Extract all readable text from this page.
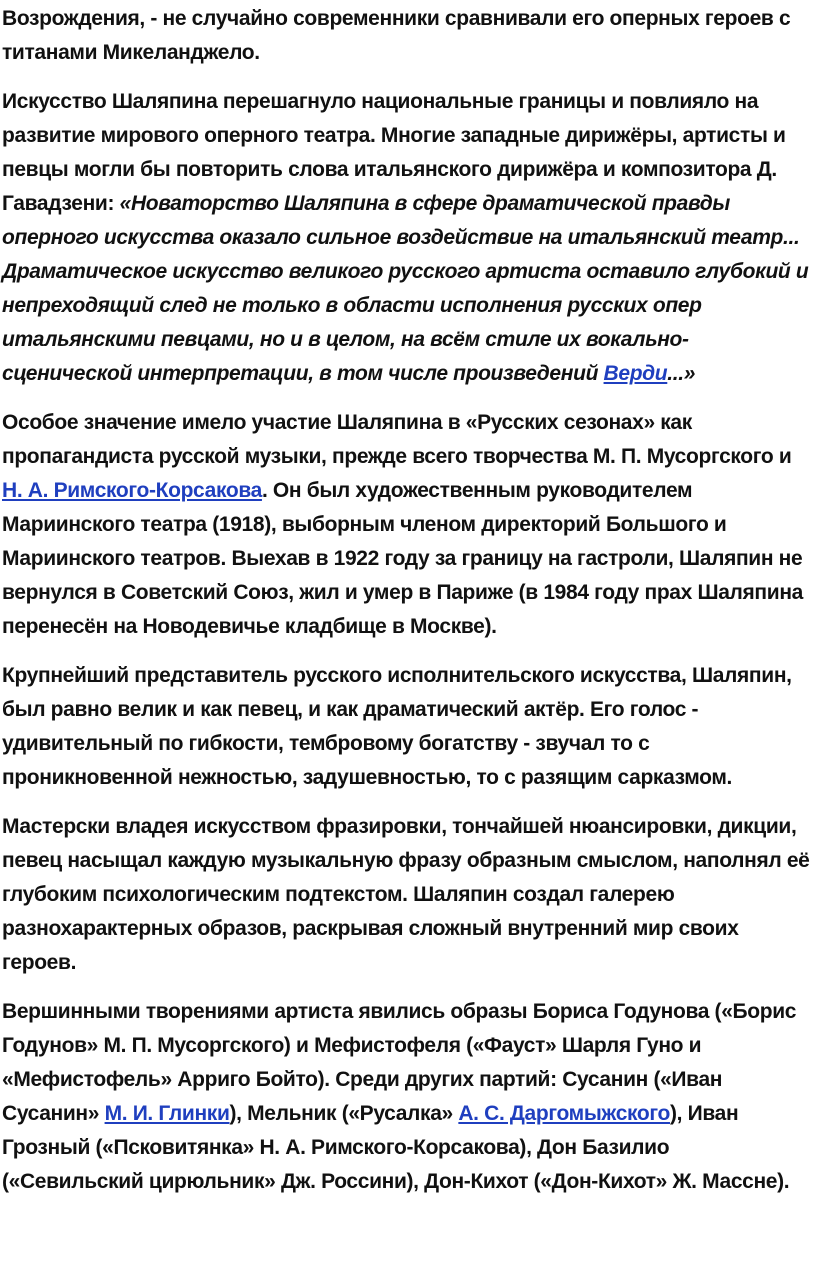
Возрождения, - не случайно современники сравнивали его оперных героев с титанами Микеланджело.

Искусство Шаляпина перешагнуло национальные границы и повлияло на развитие мирового оперного театра. Многие западные дирижёры, артисты и певцы могли бы повторить слова итальянского дирижёра и композитора Д. Гавадзени: «Новаторство Шаляпина в сфере драматической правды оперного искусства оказало сильное воздействие на итальянский театр... Драматическое искусство великого русского артиста оставило глубокий и непреходящий след не только в области исполнения русских опер итальянскими певцами, но и в целом, на всём стиле их вокально-сценической интерпретации, в том числе произведений Верди...»

Особое значение имело участие Шаляпина в «Русских сезонах» как пропагандиста русской музыки, прежде всего творчества М. П. Мусоргского и Н. А. Римского-Корсакова. Он был художественным руководителем Мариинского театра (1918), выборным членом директорий Большого и Мариинского театров. Выехав в 1922 году за границу на гастроли, Шаляпин не вернулся в Советский Союз, жил и умер в Париже (в 1984 году прах Шаляпина перенесён на Новодевичье кладбище в Москве).

Крупнейший представитель русского исполнительского искусства, Шаляпин, был равно велик и как певец, и как драматический актёр. Его голос - удивительный по гибкости, тембровому богатству - звучал то с проникновенной нежностью, задушевностью, то с разящим сарказмом.

Мастерски владея искусством фразировки, тончайшей нюансировки, дикции, певец насыщал каждую музыкальную фразу образным смыслом, наполнял её глубоким психологическим подтекстом. Шаляпин создал галерею разнохарактерных образов, раскрывая сложный внутренний мир своих героев.

Вершинными творениями артиста явились образы Бориса Годунова («Борис Годунов» М. П. Мусоргского) и Мефистофеля («Фауст» Шарля Гуно и «Мефистофель» Арриго Бойто). Среди других партий: Сусанин («Иван Сусанин» М. И. Глинки), Мельник («Русалка» А. С. Даргомыжского), Иван Грозный («Псковитянка» Н. А. Римского-Корсакова), Дон Базилио («Севильский цирюльник» Дж. Россини), Дон-Кихот («Дон-Кихот» Ж. Массне).
